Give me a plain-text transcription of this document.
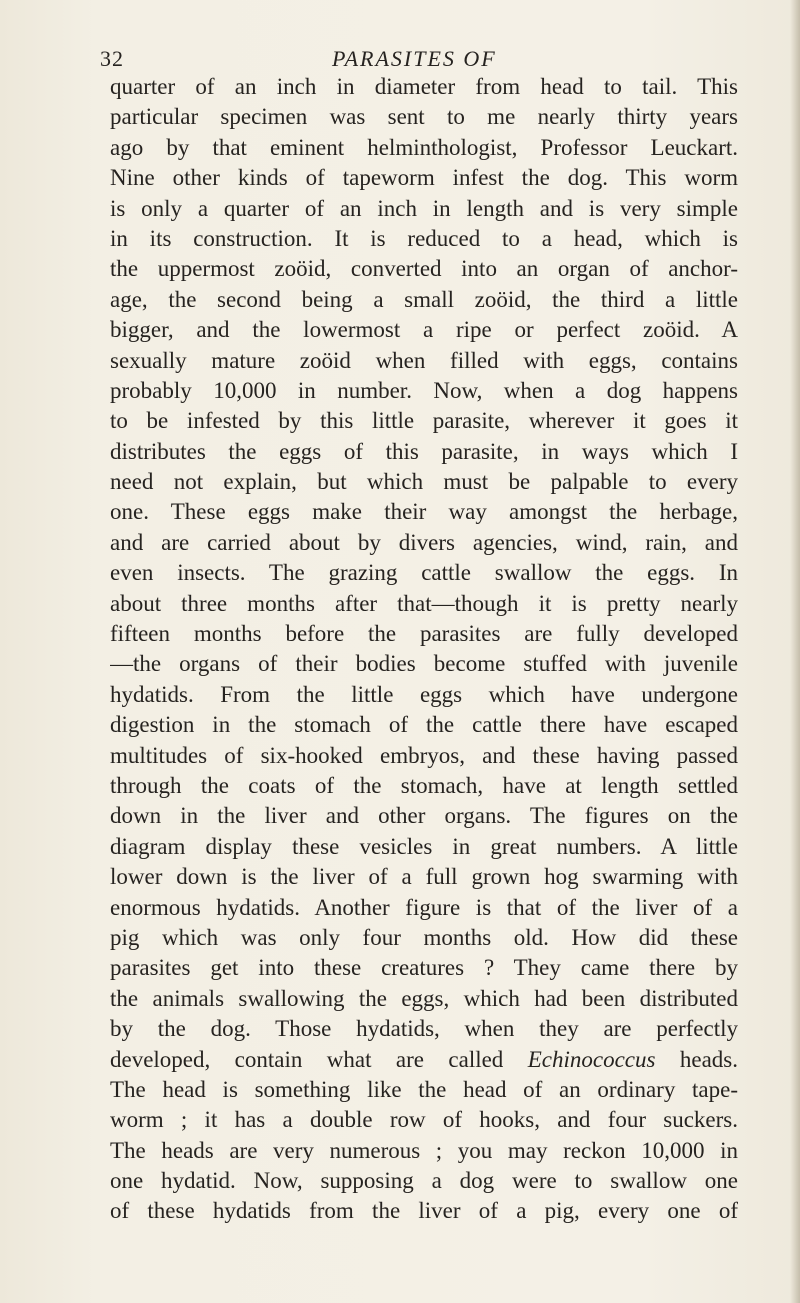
32	PARASITES OF
quarter of an inch in diameter from head to tail. This
particular specimen was sent to me nearly thirty years
ago by that eminent helminthologist, Professor Leuckart.
Nine other kinds of tapeworm infest the dog. This worm
is only a quarter of an inch in length and is very simple
in its construction. It is reduced to a head, which is
the uppermost zoöid, converted into an organ of anchor-
age, the second being a small zoöid, the third a little
bigger, and the lowermost a ripe or perfect zoöid. A
sexually mature zoöid when filled with eggs, contains
probably 10,000 in number. Now, when a dog happens
to be infested by this little parasite, wherever it goes it
distributes the eggs of this parasite, in ways which I
need not explain, but which must be palpable to every
one. These eggs make their way amongst the herbage,
and are carried about by divers agencies, wind, rain, and
even insects. The grazing cattle swallow the eggs. In
about three months after that—though it is pretty nearly
fifteen months before the parasites are fully developed
—the organs of their bodies become stuffed with juvenile
hydatids. From the little eggs which have undergone
digestion in the stomach of the cattle there have escaped
multitudes of six-hooked embryos, and these having passed
through the coats of the stomach, have at length settled
down in the liver and other organs. The figures on the
diagram display these vesicles in great numbers. A little
lower down is the liver of a full grown hog swarming with
enormous hydatids. Another figure is that of the liver of a
pig which was only four months old. How did these
parasites get into these creatures ? They came there by
the animals swallowing the eggs, which had been distributed
by the dog. Those hydatids, when they are perfectly
developed, contain what are called Echinococcus heads.
The head is something like the head of an ordinary tape-
worm ; it has a double row of hooks, and four suckers.
The heads are very numerous ; you may reckon 10,000 in
one hydatid. Now, supposing a dog were to swallow one
of these hydatids from the liver of a pig, every one of
